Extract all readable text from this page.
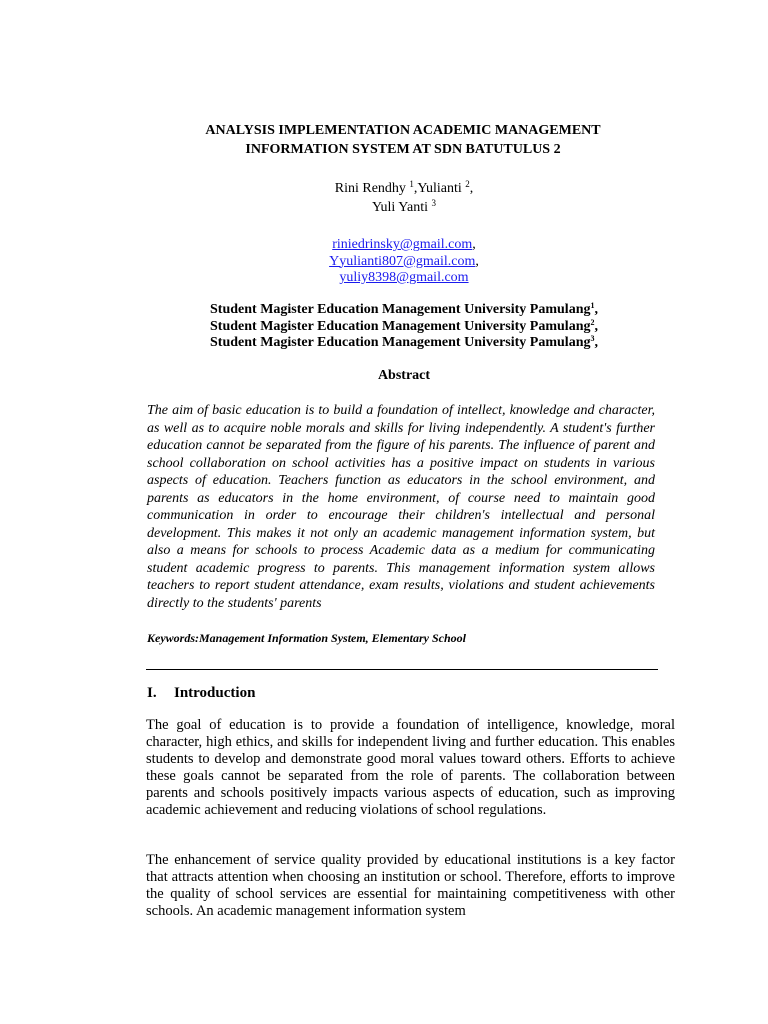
ANALYSIS IMPLEMENTATION ACADEMIC MANAGEMENT
INFORMATION SYSTEM AT SDN BATUTULUS 2
Rini Rendhy $^1$,Yulianti $^2$,
Yuli Yanti $^3$
riniedrinsky@gmail.com,
Yyulianti807@gmail.com,
yuliy8398@gmail.com
Student Magister Education Management University Pamulang$^1$,
Student Magister Education Management University Pamulang$^2$,
Student Magister Education Management University Pamulang$^3$,
Abstract

The aim of basic education is to build a foundation of intellect, knowledge and character, as well as to acquire noble morals and skills for living independently. A student's further education cannot be separated from the figure of his parents. The influence of parent and school collaboration on school activities has a positive impact on students in various aspects of education. Teachers function as educators in the school environment, and parents as educators in the home environment, of course need to maintain good communication in order to encourage their children's intellectual and personal development. This makes it not only an academic management information system, but also a means for schools to process Academic data as a medium for communicating student academic progress to parents. This management information system allows teachers to report student attendance, exam results, violations and student achievements directly to the students' parents

Keywords:Management Information System, Elementary School
I. Introduction

The goal of education is to provide a foundation of intelligence, knowledge, moral character, high ethics, and skills for independent living and further education. This enables students to develop and demonstrate good moral values toward others. Efforts to achieve these goals cannot be separated from the role of parents. The collaboration between parents and schools positively impacts various aspects of education, such as improving academic achievement and reducing violations of school regulations.

The enhancement of service quality provided by educational institutions is a key factor that attracts attention when choosing an institution or school. Therefore, efforts to improve the quality of school services are essential for maintaining competitiveness with other schools. An academic management information system
